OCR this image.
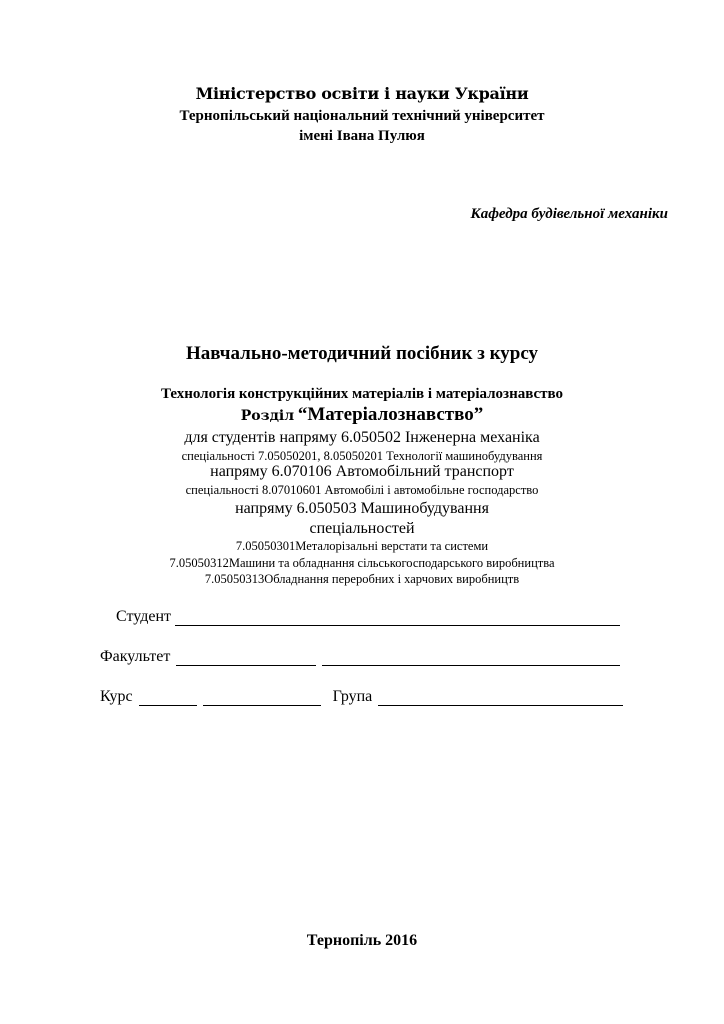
Міністерство освіти і науки України
Тернопільський національний технічний університет
імені Івана Пулюя
Кафедра будівельної механіки
Навчально-методичний посібник з курсу
Технологія конструкційних матеріалів і матеріалознавство
Розділ “Матеріалознавство”
для студентів напряму 6.050502 Інженерна механіка
спеціальності 7.05050201, 8.05050201 Технології машинобудування
напряму 6.070106 Автомобільний транспорт
спеціальності 8.07010601 Автомобілі і автомобільне господарство
напряму 6.050503 Машинобудування
спеціальностей
7.05050301Металорізальні верстати та системи
7.05050312Машини та обладнання сільськогосподарського виробництва
7.05050313Обладнання переробних і харчових виробництв
Студент
Факультет
Курс	Група
Тернопіль 2016
